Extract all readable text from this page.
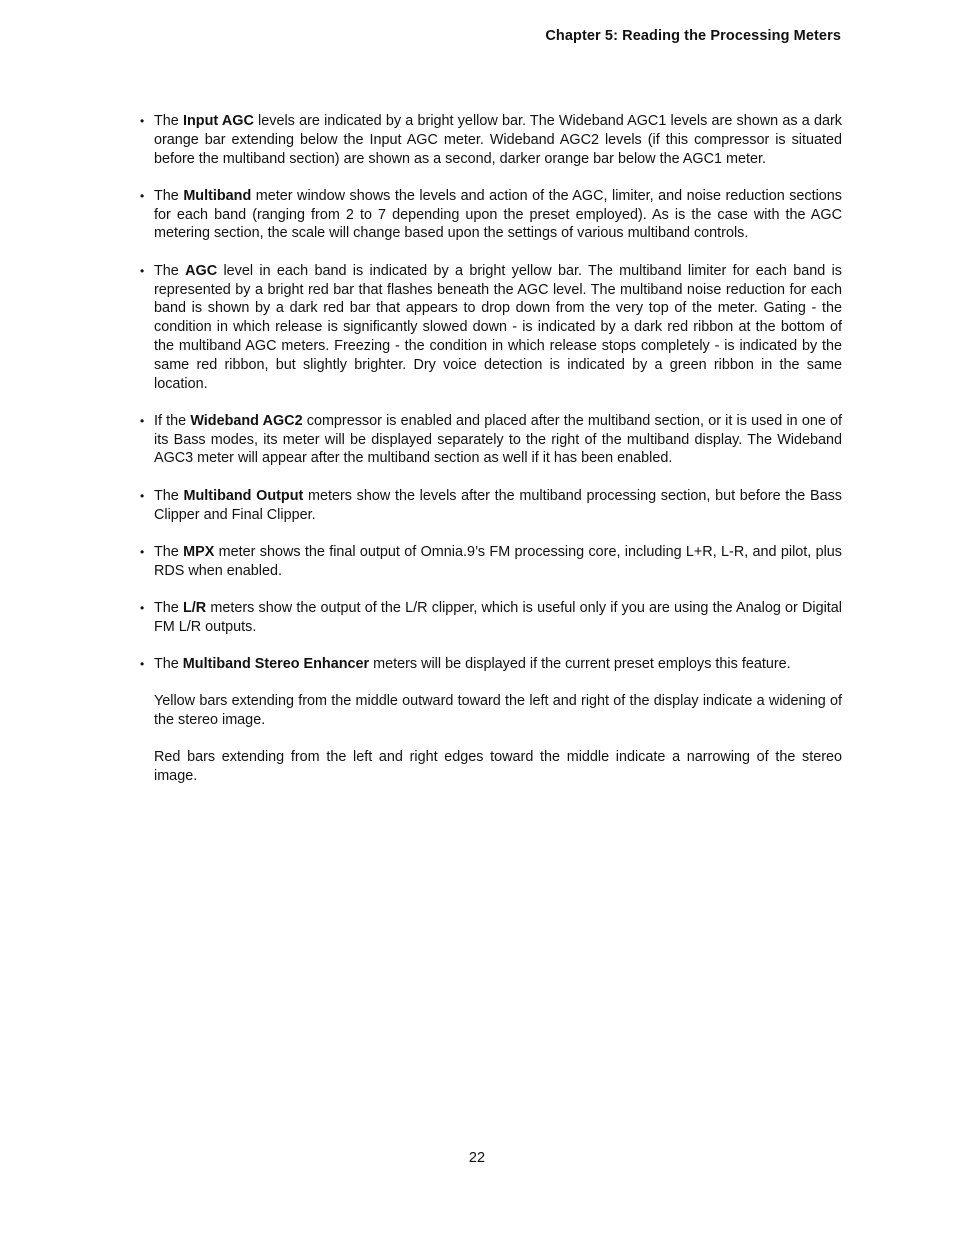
Chapter 5: Reading the Processing Meters
• The Input AGC levels are indicated by a bright yellow bar. The Wideband AGC1 levels are shown as a dark orange bar extending below the Input AGC meter. Wideband AGC2 levels (if this compressor is situated before the multiband section) are shown as a second, darker orange bar below the AGC1 meter.
• The Multiband meter window shows the levels and action of the AGC, limiter, and noise reduction sections for each band (ranging from 2 to 7 depending upon the preset employed). As is the case with the AGC metering section, the scale will change based upon the settings of various multiband controls.
• The AGC level in each band is indicated by a bright yellow bar. The multiband limiter for each band is represented by a bright red bar that flashes beneath the AGC level. The multiband noise reduction for each band is shown by a dark red bar that appears to drop down from the very top of the meter. Gating - the condition in which release is significantly slowed down - is indicated by a dark red ribbon at the bottom of the multiband AGC meters. Freezing - the condition in which release stops completely - is indicated by the same red ribbon, but slightly brighter. Dry voice detection is indicated by a green ribbon in the same location.
• If the Wideband AGC2 compressor is enabled and placed after the multiband section, or it is used in one of its Bass modes, its meter will be displayed separately to the right of the multiband display. The Wideband AGC3 meter will appear after the multiband section as well if it has been enabled.
• The Multiband Output meters show the levels after the multiband processing section, but before the Bass Clipper and Final Clipper.
• The MPX meter shows the final output of Omnia.9’s FM processing core, including L+R, L-R, and pilot, plus RDS when enabled.
• The L/R meters show the output of the L/R clipper, which is useful only if you are using the Analog or Digital FM L/R outputs.
• The Multiband Stereo Enhancer meters will be displayed if the current preset employs this feature.
Yellow bars extending from the middle outward toward the left and right of the display indicate a widening of the stereo image.
Red bars extending from the left and right edges toward the middle indicate a narrowing of the stereo image.
22
